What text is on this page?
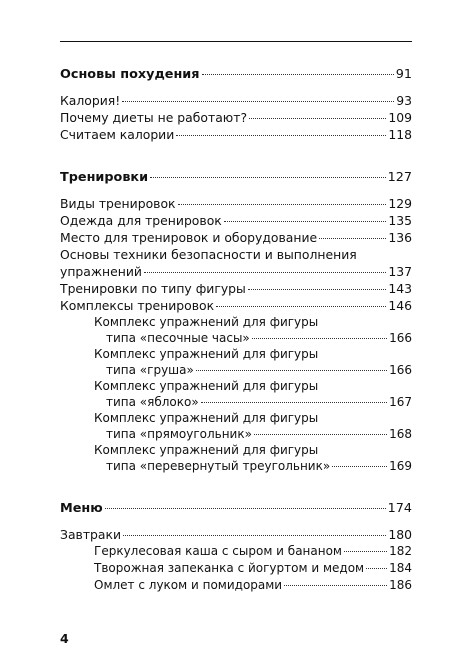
Основы похудения	91
Калория!	93
Почему диеты не работают?	109
Считаем калории	118
Тренировки	127
Виды тренировок	129
Одежда для тренировок	135
Место для тренировок и оборудование	136
Основы техники безопасности и выполнения
упражнений	137
Тренировки по типу фигуры	143
Комплексы тренировок	146
Комплекс упражнений для фигуры
типа «песочные часы»	166
Комплекс упражнений для фигуры
типа «груша»	166
Комплекс упражнений для фигуры
типа «яблоко»	167
Комплекс упражнений для фигуры
типа «прямоугольник»	168
Комплекс упражнений для фигуры
типа «перевернутый треугольник»	169
Меню	174
Завтраки	180
Геркулесовая каша с сыром и бананом	182
Творожная запеканка с йогуртом и медом 184
Омлет с луком и помидорами	186
4
